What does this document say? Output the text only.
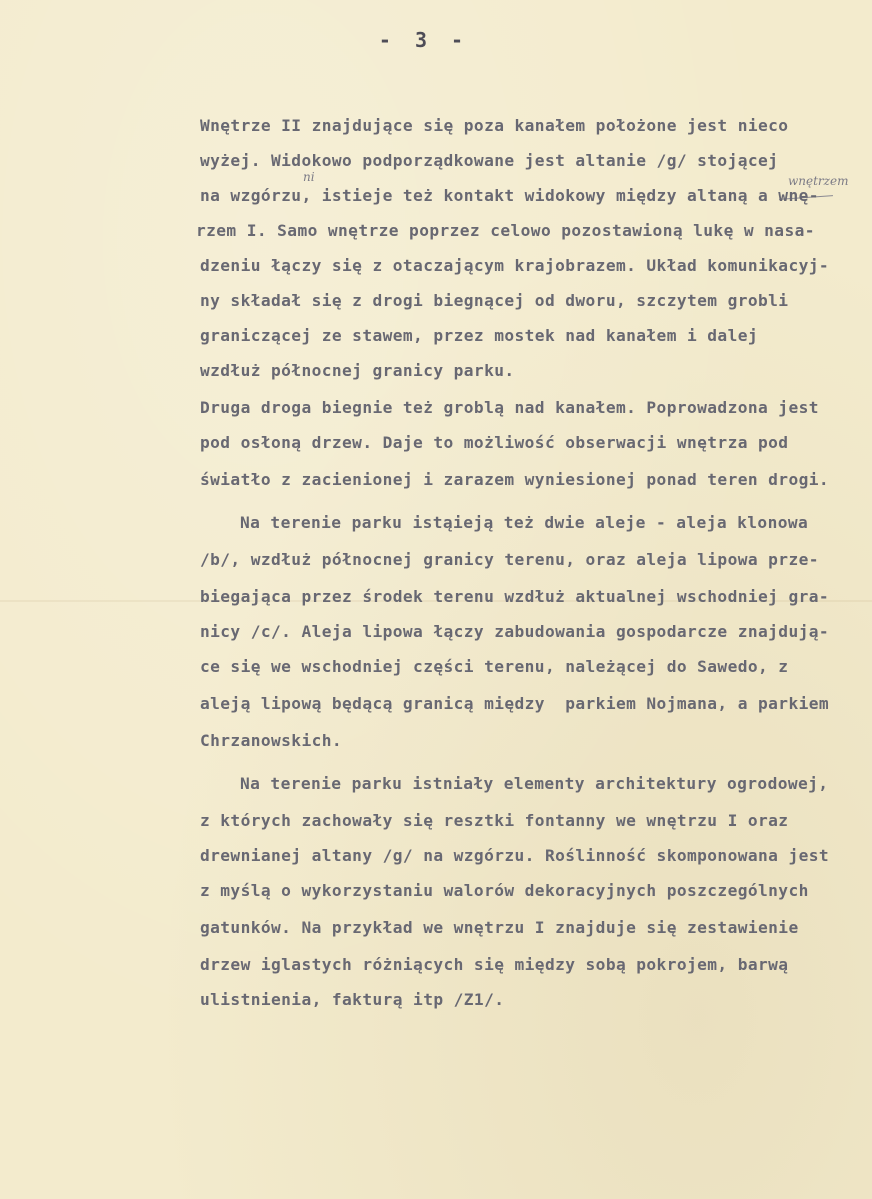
- 3 -
ni	wnętrzem
Wnętrze II znajdujące się poza kanałem położone jest nieco
wyżej. Widokowo podporządkowane jest altanie /g/ stojącej
na wzgórzu, istieje też kontakt widokowy między altaną a wnę-
rzem I. Samo wnętrze poprzez celowo pozostawioną lukę w nasa-
dzeniu łączy się z otaczającym krajobrazem. Układ komunikacyj-
ny składał się z drogi biegnącej od dworu, szczytem grobli
graniczącej ze stawem, przez mostek nad kanałem i dalej
wzdłuż północnej granicy parku.
Druga droga biegnie też groblą nad kanałem. Poprowadzona jest
pod osłoną drzew. Daje to możliwość obserwacji wnętrza pod
światło z zacienionej i zarazem wyniesionej ponad teren drogi.
Na terenie parku istąieją też dwie aleje - aleja klonowa
/b/, wzdłuż północnej granicy terenu, oraz aleja lipowa prze-
biegająca przez środek terenu wzdłuż aktualnej wschodniej gra-
nicy /c/. Aleja lipowa łączy zabudowania gospodarcze znajdują-
ce się we wschodniej części terenu, należącej do Sawedo, z
aleją lipową będącą granicą między  parkiem Nojmana, a parkiem
Chrzanowskich.
Na terenie parku istniały elementy architektury ogrodowej,
z których zachowały się resztki fontanny we wnętrzu I oraz
drewnianej altany /g/ na wzgórzu. Roślinność skomponowana jest
z myślą o wykorzystaniu walorów dekoracyjnych poszczególnych
gatunków. Na przykład we wnętrzu I znajduje się zestawienie
drzew iglastych różniących się między sobą pokrojem, barwą
ulistnienia, fakturą itp /Z1/.
